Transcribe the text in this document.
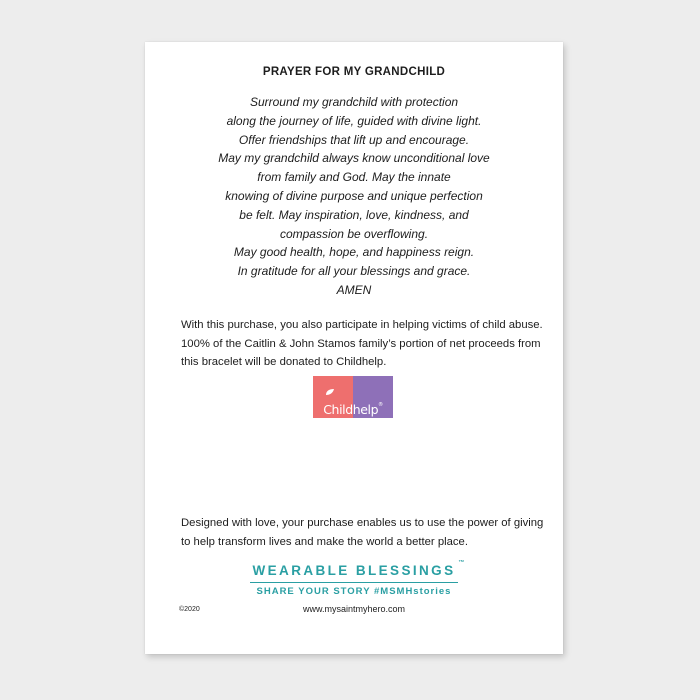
PRAYER FOR MY GRANDCHILD
Surround my grandchild with protection
along the journey of life, guided with divine light.
Offer friendships that lift up and encourage.
May my grandchild always know unconditional love
from family and God. May the innate
knowing of divine purpose and unique perfection
be felt. May inspiration, love, kindness, and
compassion be overflowing.
May good health, hope, and happiness reign.
In gratitude for all your blessings and grace.
AMEN
With this purchase, you also participate in helping victims of child abuse. 100% of the Caitlin & John Stamos family’s portion of net proceeds from this bracelet will be donated to Childhelp.
Childhelp®
Designed with love, your purchase enables us to use the power of giving to help transform lives and make the world a better place.
WEARABLE BLESSINGS ™
SHARE YOUR STORY #MSMHstories
©2020	www.mysaintmyhero.com
